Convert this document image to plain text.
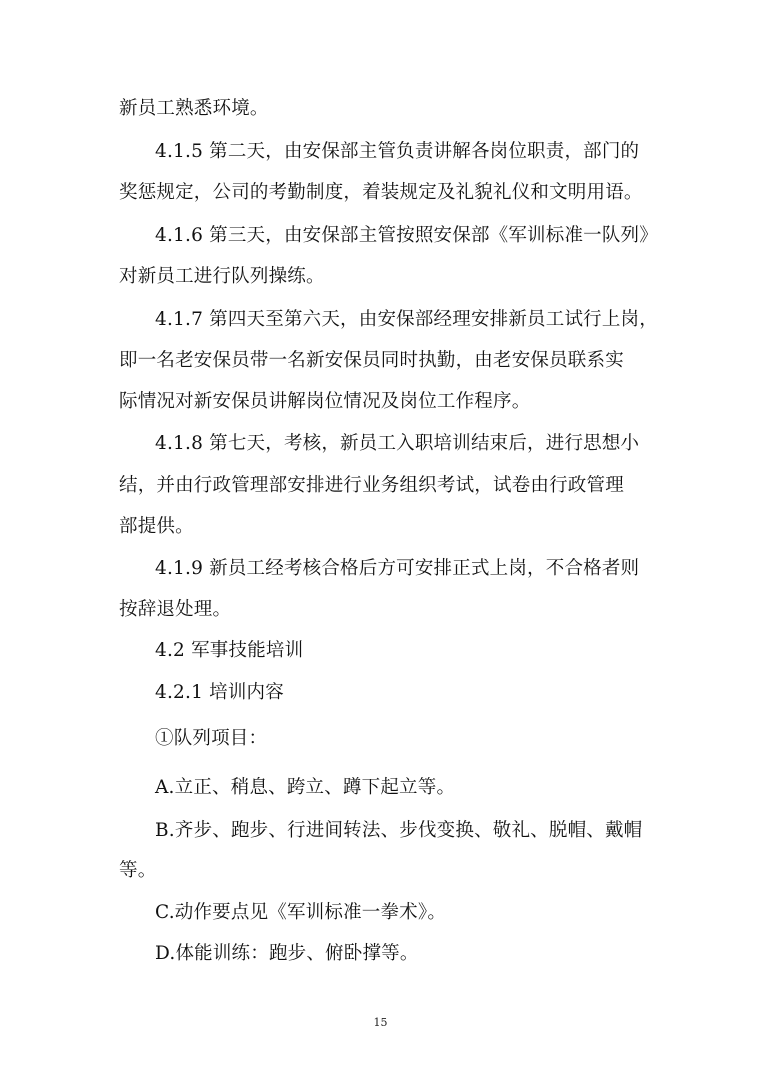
新员工熟悉环境。
4.1.5 第二天，由安保部主管负责讲解各岗位职责，部门的
奖惩规定，公司的考勤制度，着装规定及礼貌礼仪和文明用语。
4.1.6 第三天，由安保部主管按照安保部《军训标准一队列》
对新员工进行队列操练。
4.1.7 第四天至第六天，由安保部经理安排新员工试行上岗，
即一名老安保员带一名新安保员同时执勤，由老安保员联系实
际情况对新安保员讲解岗位情况及岗位工作程序。
4.1.8 第七天，考核，新员工入职培训结束后，进行思想小
结，并由行政管理部安排进行业务组织考试，试卷由行政管理
部提供。
4.1.9 新员工经考核合格后方可安排正式上岗，不合格者则
按辞退处理。
4.2 军事技能培训
4.2.1 培训内容
➀队列项目：
A.立正、稍息、跨立、蹲下起立等。
B.齐步、跑步、行进间转法、步伐变换、敬礼、脱帽、戴帽
等。
C.动作要点见《军训标准一拳术》。
D.体能训练：跑步、俯卧撑等。
15
